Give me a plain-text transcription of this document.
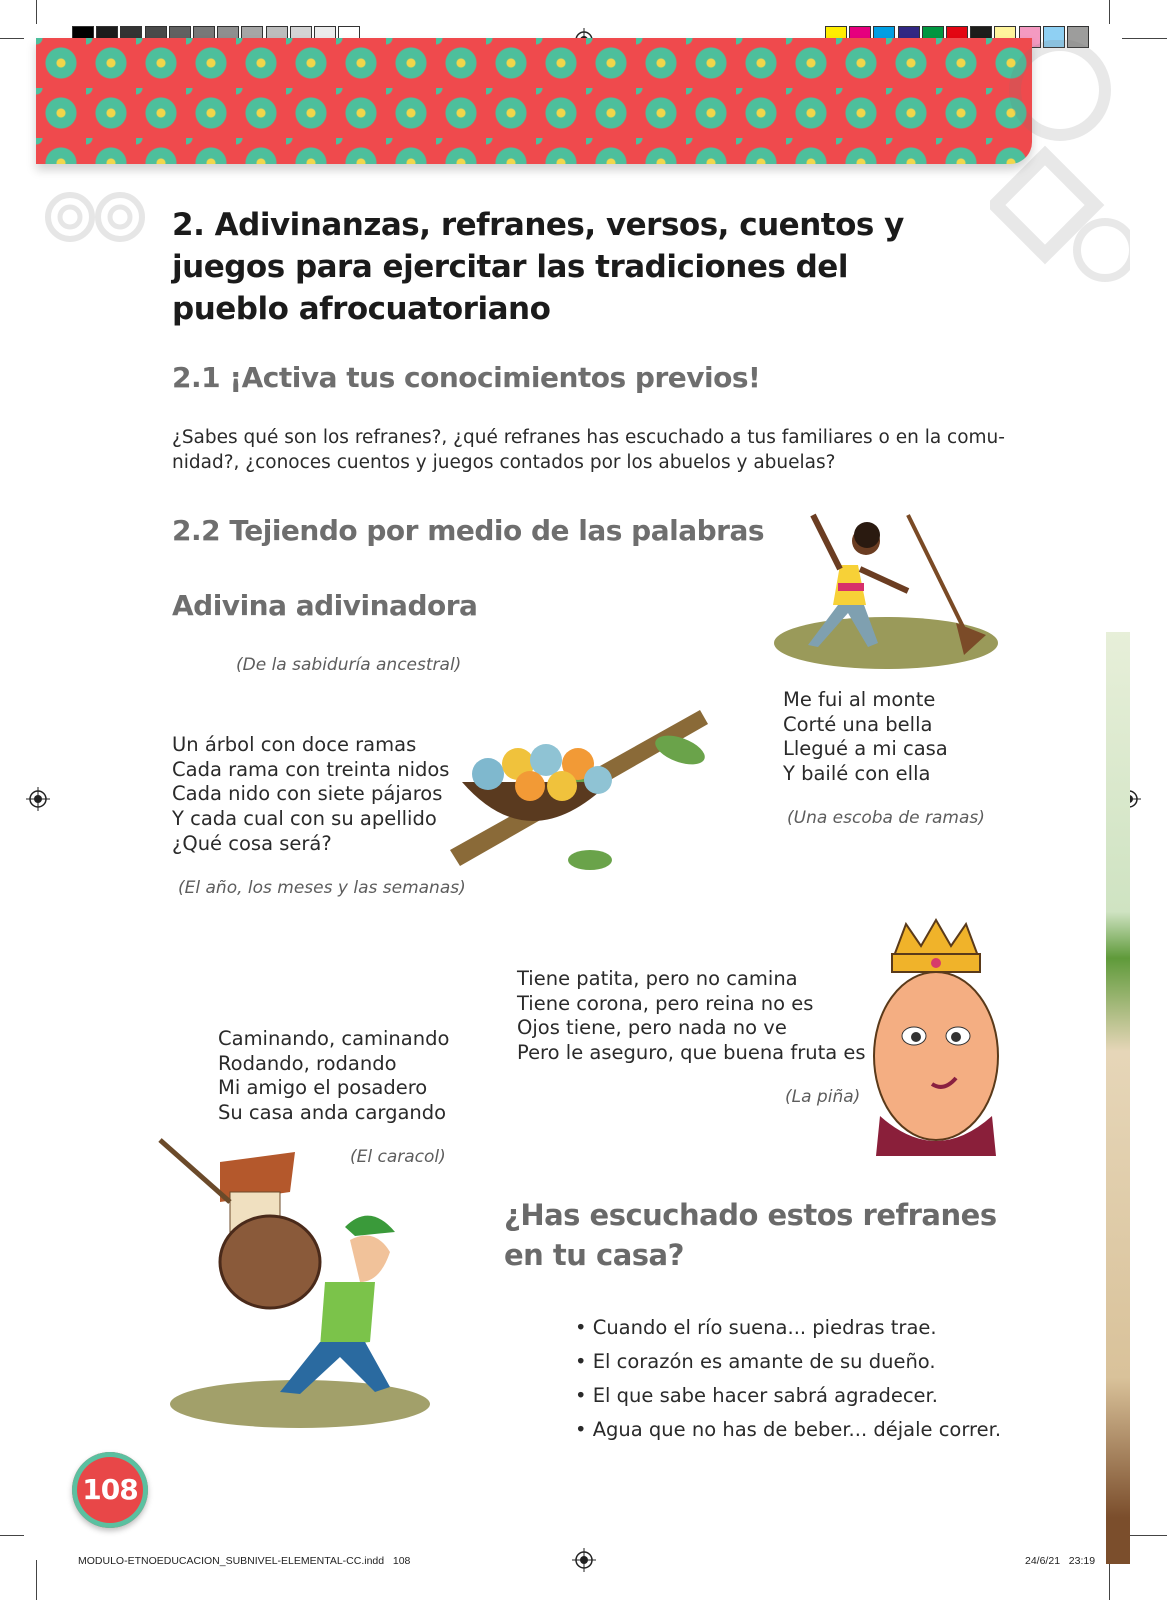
2. Adivinanzas, refranes, versos, cuentos y juegos para ejercitar las tradiciones del pueblo afrocuatoriano
2.1 ¡Activa tus conocimientos previos!
¿Sabes qué son los refranes?, ¿qué refranes has escuchado a tus familiares o en la comu-
nidad?, ¿conoces cuentos y juegos contados por los abuelos y abuelas?
2.2 Tejiendo por medio de las palabras
Adivina adivinadora
(De la sabiduría ancestral)
Un árbol con doce ramas
Cada rama con treinta nidos
Cada nido con siete pájaros
Y cada cual con su apellido
¿Qué cosa será?
(El año, los meses y las semanas)
Me fui al monte
Corté una bella
Llegué a mi casa
Y bailé con ella
(Una escoba de ramas)
Tiene patita, pero no camina
Tiene corona, pero reina no es
Ojos tiene, pero nada no ve
Pero le aseguro, que buena fruta es
(La piña)
Caminando, caminando
Rodando, rodando
Mi amigo el posadero
Su casa anda cargando
(El caracol)
¿Has escuchado estos refranes
en tu casa?
• Cuando el río suena... piedras trae.
• El corazón es amante de su dueño.
• El que sabe hacer sabrá agradecer.
• Agua que no has de beber... déjale correr.
108
MODULO-ETNOEDUCACION_SUBNIVEL-ELEMENTAL-CC.indd   108	24/6/21   23:19
